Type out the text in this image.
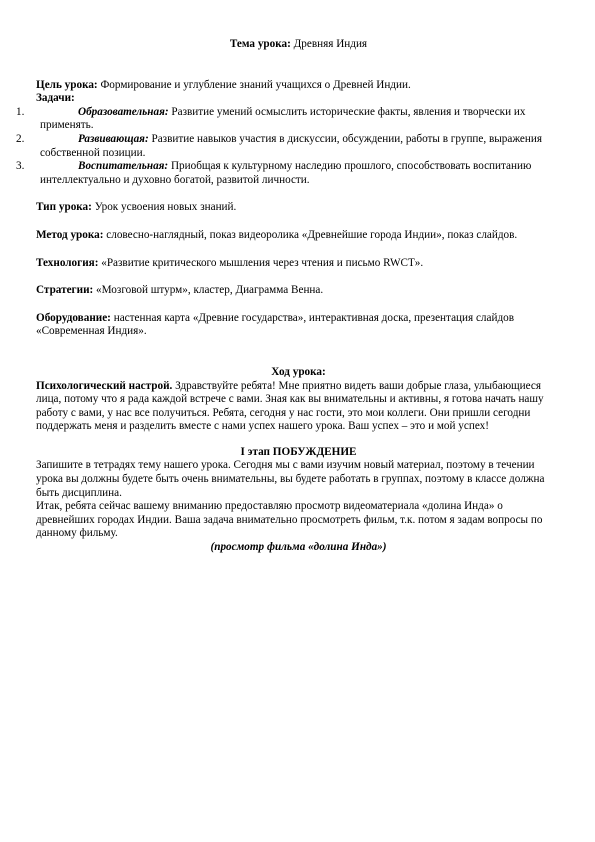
Тема урока: Древняя Индия

Цель урока: Формирование и углубление знаний учащихся о Древней Индии.

Задачи:

1.	Образовательная: Развитие умений осмыслить исторические факты, явления и творчески их применять.

2.	Развивающая: Развитие навыков участия в дискуссии, обсуждении, работы в группе, выражения собственной позиции.

3.	Воспитательная: Приобщая к культурному наследию прошлого, способствовать воспитанию интеллектуально и духовно богатой, развитой личности.

Тип урока: Урок усвоения новых знаний.

Метод урока: словесно-наглядный, показ видеоролика «Древнейшие города Индии», показ слайдов.

Технология: «Развитие критического мышления через чтения и письмо RWCT».

Стратегии: «Мозговой штурм», кластер, Диаграмма Венна.

Оборудование: настенная карта «Древние государства», интерактивная доска, презентация слайдов «Современная Индия».

Ход урока:

Психологический настрой. Здравствуйте ребята! Мне приятно видеть ваши добрые глаза, улыбающиеся лица, потому что я рада каждой встрече с вами. Зная как вы внимательны и активны, я готова начать нашу работу с вами, у нас все получиться. Ребята, сегодня у нас гости, это мои коллеги. Они пришли сегодни поддержать меня и разделить вместе с нами успех нашего урока. Ваш успех – это и мой успех!

I этап ПОБУЖДЕНИЕ

Запишите в тетрадях тему нашего урока. Сегодня мы с вами изучим новый материал, поэтому в течении урока вы должны будете быть очень внимательны, вы будете работать в группах, поэтому в классе должна быть дисциплина.

Итак, ребята сейчас вашему вниманию предоставляю просмотр видеоматериала «долина Инда» о древнейших городах Индии. Ваша задача внимательно просмотреть фильм, т.к. потом я задам вопросы по данному фильму.

(просмотр фильма «долина Инда»)
